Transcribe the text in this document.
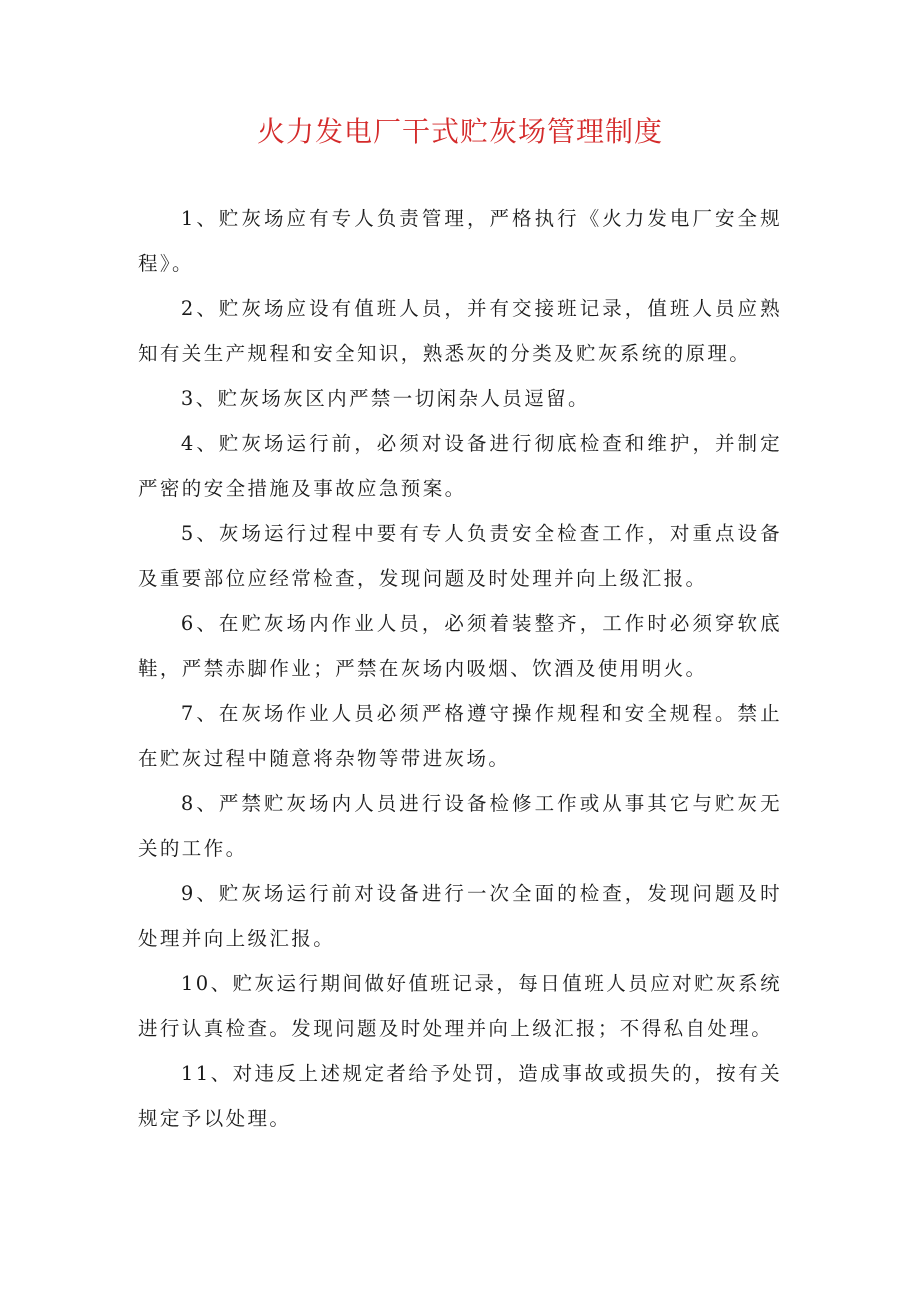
火力发电厂干式贮灰场管理制度

1、贮灰场应有专人负责管理，严格执行《火力发电厂安全规程》。

2、贮灰场应设有值班人员，并有交接班记录，值班人员应熟知有关生产规程和安全知识，熟悉灰的分类及贮灰系统的原理。

3、贮灰场灰区内严禁一切闲杂人员逗留。

4、贮灰场运行前，必须对设备进行彻底检查和维护，并制定严密的安全措施及事故应急预案。

5、灰场运行过程中要有专人负责安全检查工作，对重点设备及重要部位应经常检查，发现问题及时处理并向上级汇报。

6、在贮灰场内作业人员，必须着装整齐，工作时必须穿软底鞋，严禁赤脚作业；严禁在灰场内吸烟、饮酒及使用明火。

7、在灰场作业人员必须严格遵守操作规程和安全规程。禁止在贮灰过程中随意将杂物等带进灰场。

8、严禁贮灰场内人员进行设备检修工作或从事其它与贮灰无关的工作。

9、贮灰场运行前对设备进行一次全面的检查，发现问题及时处理并向上级汇报。

10、贮灰运行期间做好值班记录，每日值班人员应对贮灰系统进行认真检查。发现问题及时处理并向上级汇报；不得私自处理。

11、对违反上述规定者给予处罚，造成事故或损失的，按有关规定予以处理。
